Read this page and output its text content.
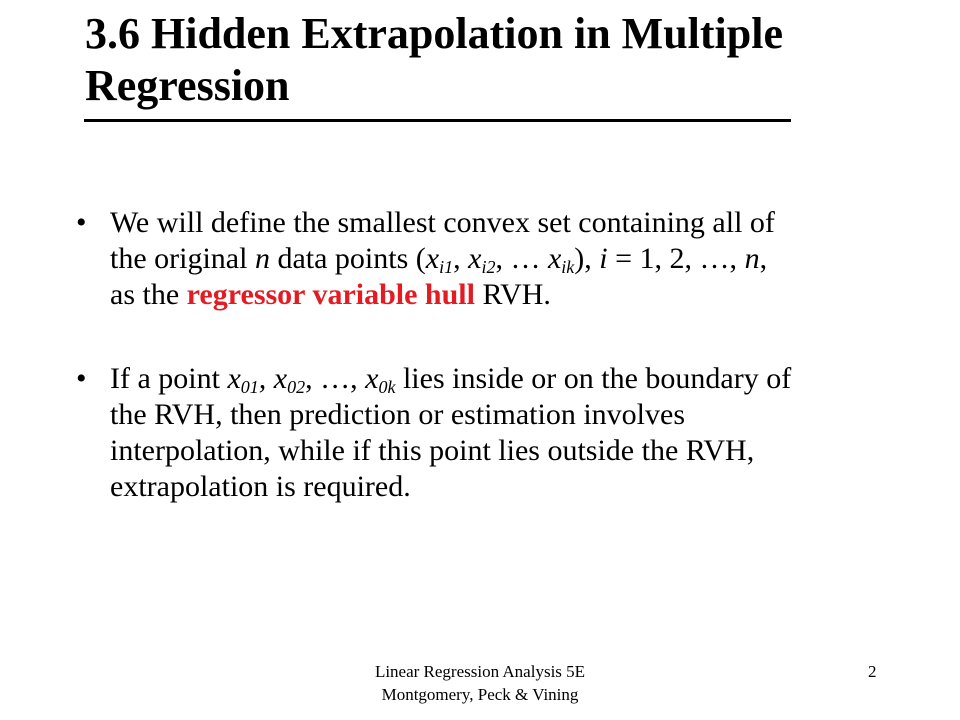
3.6 Hidden Extrapolation in Multiple Regression
• We will define the smallest convex set containing all of
the original n data points ($x_{i1}$, $x_{i2}$, … $x_{ik}$), i = 1, 2, …, n,
as the regressor variable hull RVH.
• If a point $x_{01}$, $x_{02}$, …, $x_{0k}$ lies inside or on the boundary of
the RVH, then prediction or estimation involves
interpolation, while if this point lies outside the RVH,
extrapolation is required.
Linear Regression Analysis 5E
Montgomery, Peck & Vining
2
